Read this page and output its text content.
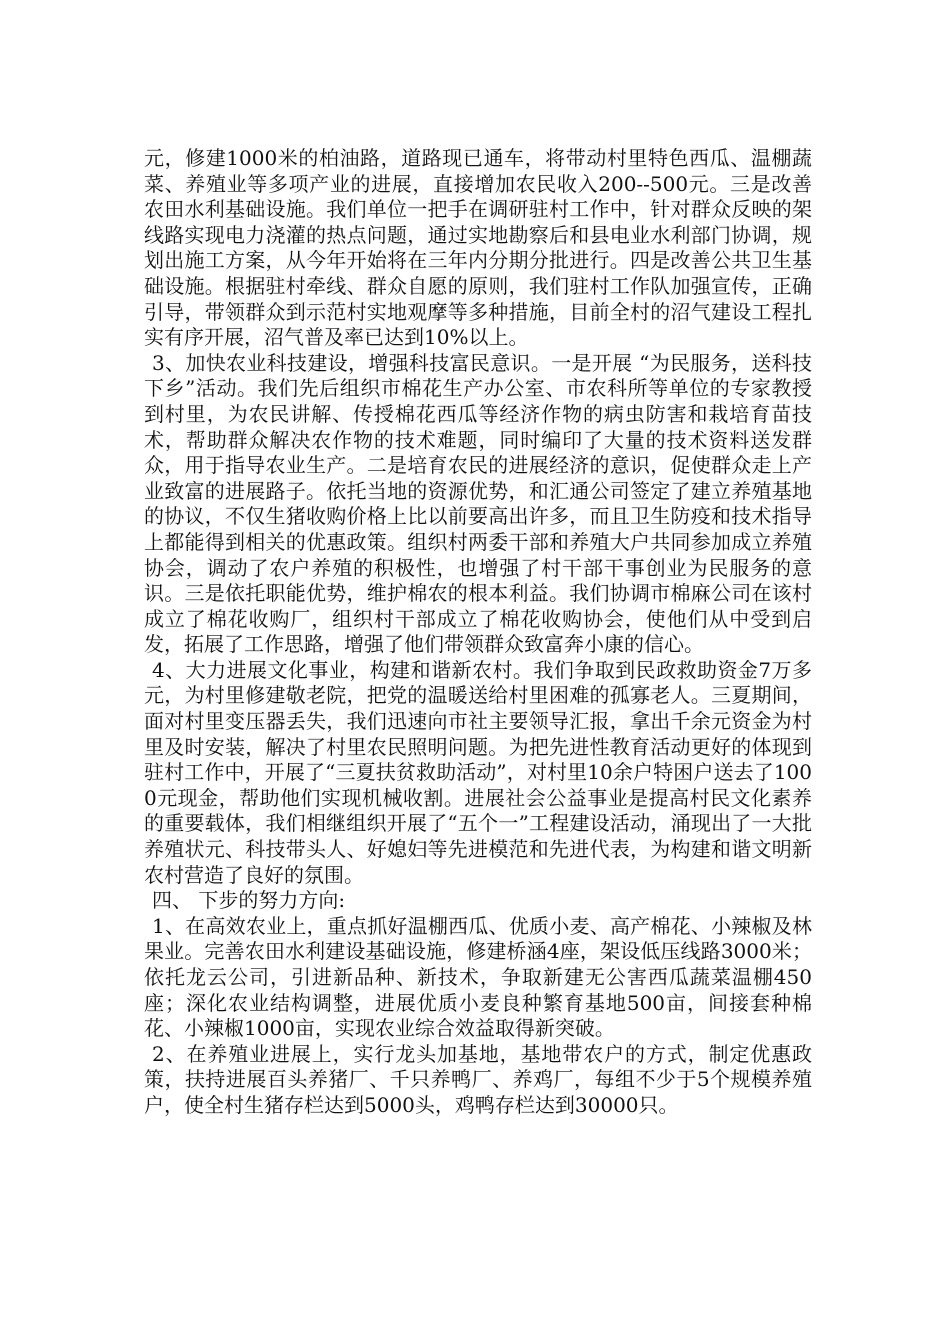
元，修建1000米的柏油路，道路现已通车，将带动村里特色西瓜、温棚蔬菜、养殖业等多项产业的进展，直接增加农民收入200--500元。三是改善农田水利基础设施。我们单位一把手在调研驻村工作中，针对群众反映的架线路实现电力浇灌的热点问题，通过实地勘察后和县电业水利部门协调，规划出施工方案，从今年开始将在三年内分期分批进行。四是改善公共卫生基础设施。根据驻村牵线、群众自愿的原则，我们驻村工作队加强宣传，正确引导，带领群众到示范村实地观摩等多种措施，目前全村的沼气建设工程扎实有序开展，沼气普及率已达到10%以上。

3、加快农业科技建设，增强科技富民意识。一是开展 “为民服务，送科技下乡”活动。我们先后组织市棉花生产办公室、市农科所等单位的专家教授到村里，为农民讲解、传授棉花西瓜等经济作物的病虫防害和栽培育苗技术，帮助群众解决农作物的技术难题，同时编印了大量的技术资料送发群众，用于指导农业生产。二是培育农民的进展经济的意识，促使群众走上产业致富的进展路子。依托当地的资源优势，和汇通公司签定了建立养殖基地的协议，不仅生猪收购价格上比以前要高出许多，而且卫生防疫和技术指导上都能得到相关的优惠政策。组织村两委干部和养殖大户共同参加成立养殖协会，调动了农户养殖的积极性，也增强了村干部干事创业为民服务的意识。三是依托职能优势，维护棉农的根本利益。我们协调市棉麻公司在该村成立了棉花收购厂，组织村干部成立了棉花收购协会，使他们从中受到启发，拓展了工作思路，增强了他们带领群众致富奔小康的信心。

4、大力进展文化事业，构建和谐新农村。我们争取到民政救助资金7万多元，为村里修建敬老院，把党的温暖送给村里困难的孤寡老人。三夏期间，面对村里变压器丢失，我们迅速向市社主要领导汇报，拿出千余元资金为村里及时安装，解决了村里农民照明问题。为把先进性教育活动更好的体现到驻村工作中，开展了“三夏扶贫救助活动”，对村里10余户特困户送去了1000元现金，帮助他们实现机械收割。进展社会公益事业是提高村民文化素养的重要载体，我们相继组织开展了“五个一”工程建设活动，涌现出了一大批养殖状元、科技带头人、好媳妇等先进模范和先进代表，为构建和谐文明新农村营造了良好的氛围。

四、 下步的努力方向:

1、在高效农业上，重点抓好温棚西瓜、优质小麦、高产棉花、小辣椒及林果业。完善农田水利建设基础设施，修建桥涵4座，架设低压线路3000米；依托龙云公司，引进新品种、新技术，争取新建无公害西瓜蔬菜温棚450座；深化农业结构调整，进展优质小麦良种繁育基地500亩，间接套种棉花、小辣椒1000亩，实现农业综合效益取得新突破。

2、在养殖业进展上，实行龙头加基地，基地带农户的方式，制定优惠政策，扶持进展百头养猪厂、千只养鸭厂、养鸡厂，每组不少于5个规模养殖户，使全村生猪存栏达到5000头，鸡鸭存栏达到30000只。
